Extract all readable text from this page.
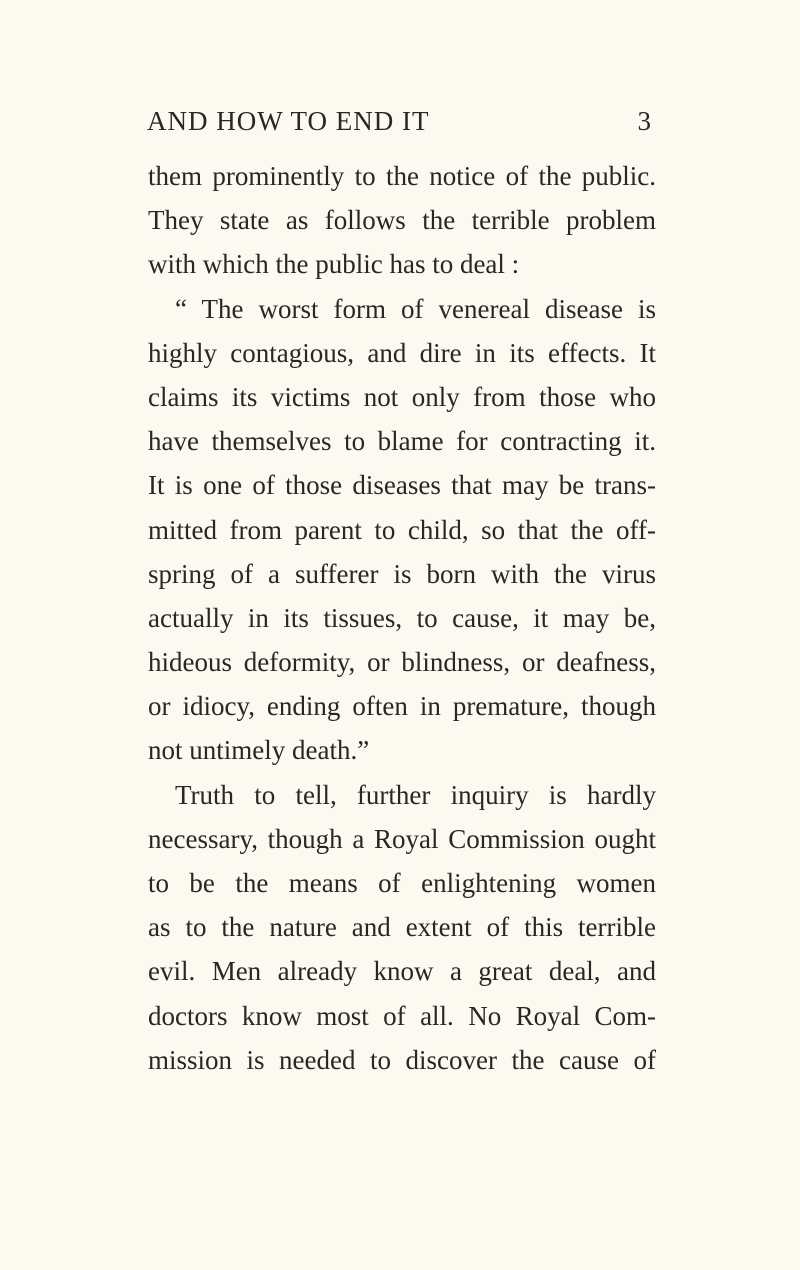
AND HOW TO END IT	3
them prominently to the notice of the public.
They state as follows the terrible problem
with which the public has to deal :
“ The worst form of venereal disease is
highly contagious, and dire in its effects. It
claims its victims not only from those who
have themselves to blame for contracting it.
It is one of those diseases that may be trans-
mitted from parent to child, so that the off-
spring of a sufferer is born with the virus
actually in its tissues, to cause, it may be,
hideous deformity, or blindness, or deafness,
or idiocy, ending often in premature, though
not untimely death.”
Truth to tell, further inquiry is hardly
necessary, though a Royal Commission ought
to be the means of enlightening women
as to the nature and extent of this terrible
evil. Men already know a great deal, and
doctors know most of all. No Royal Com-
mission is needed to discover the cause of
